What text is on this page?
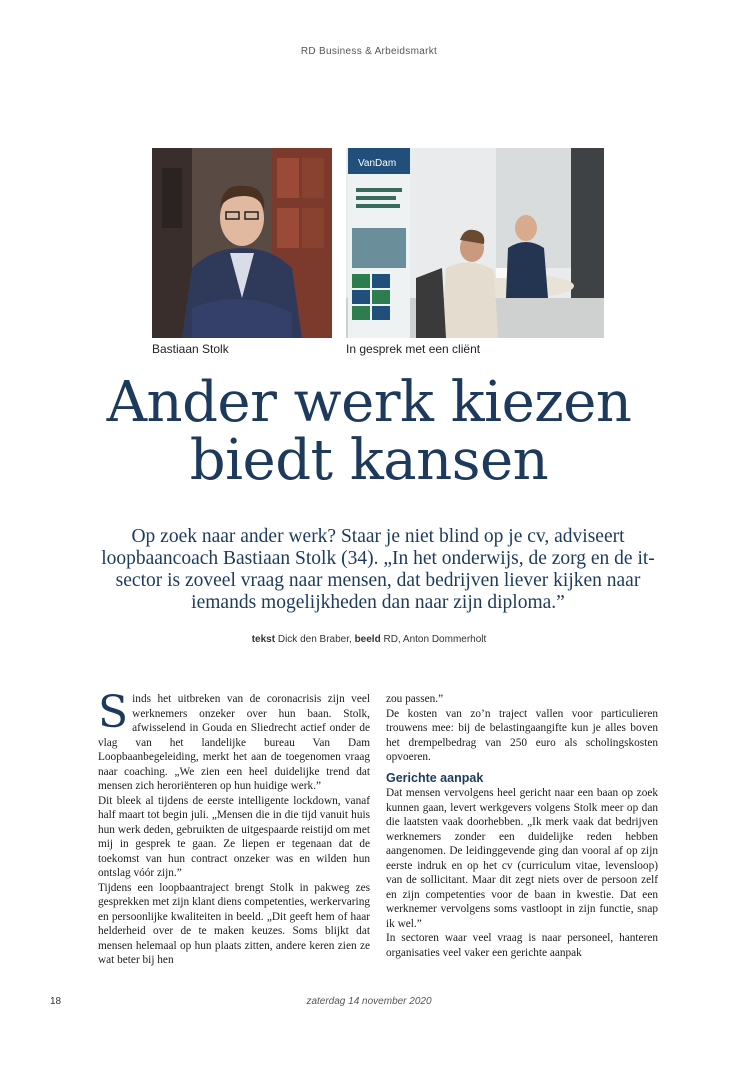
RD Business & Arbeidsmarkt
Bastiaan Stolk
VanDam
In gesprek met een cliënt
Ander werk kiezen
biedt kansen
Op zoek naar ander werk? Staar je niet blind op je cv, adviseert loopbaancoach Bastiaan Stolk (34). „In het onderwijs, de zorg en de it-sector is zoveel vraag naar mensen, dat bedrijven liever kijken naar iemands mogelijkheden dan naar zijn diploma.”
tekst Dick den Braber, beeld RD, Anton Dommerholt

Sinds het uitbreken van de coronacrisis zijn veel werknemers onzeker over hun baan. Stolk, afwisselend in Gouda en Sliedrecht actief onder de vlag van het landelijke bureau Van Dam Loopbaanbegeleiding, merkt het aan de toegenomen vraag naar coaching. „We zien een heel duidelijke trend dat mensen zich heroriënteren op hun huidige werk.”

Dit bleek al tijdens de eerste intelligente lockdown, vanaf half maart tot begin juli. „Mensen die in die tijd vanuit huis hun werk deden, gebruikten de uitgespaarde reistijd om met mij in gesprek te gaan. Ze liepen er tegenaan dat de toekomst van hun contract onzeker was en wilden hun ontslag vóór zijn.”

Tijdens een loopbaantraject brengt Stolk in pakweg zes gesprekken met zijn klant diens competenties, werkervaring en persoonlijke kwaliteiten in beeld. „Dit geeft hem of haar helderheid over de te maken keuzes. Soms blijkt dat mensen helemaal op hun plaats zitten, andere keren zien ze wat beter bij hen

zou passen.”

De kosten van zo’n traject vallen voor particulieren trouwens mee: bij de belastingaangifte kun je alles boven het drempelbedrag van 250 euro als scholingskosten opvoeren.

Gerichte aanpak

Dat mensen vervolgens heel gericht naar een baan op zoek kunnen gaan, levert werkgevers volgens Stolk meer op dan die laatsten vaak doorhebben. „Ik merk vaak dat bedrijven werknemers zonder een duidelijke reden hebben aangenomen. De leidinggevende ging dan vooral af op zijn eerste indruk en op het cv (curriculum vitae, levensloop) van de sollicitant. Maar dit zegt niets over de persoon zelf en zijn competenties voor de baan in kwestie. Dat een werknemer vervolgens soms vastloopt in zijn functie, snap ik wel.”

In sectoren waar veel vraag is naar personeel, hanteren organisaties veel vaker een gerichte aanpak

18	zaterdag 14 november 2020
